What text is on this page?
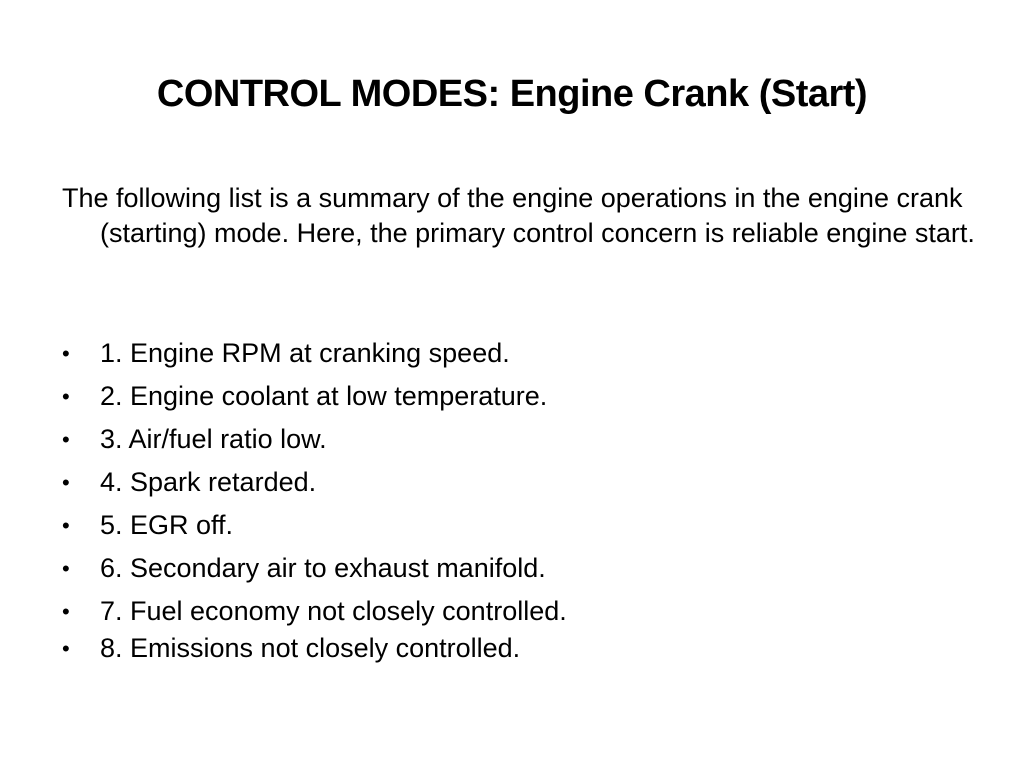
CONTROL MODES: Engine Crank (Start)

The following list is a summary of the engine operations in the engine crank (starting) mode. Here, the primary control concern is reliable engine start.

•	1. Engine RPM at cranking speed.
•	2. Engine coolant at low temperature.
•	3. Air/fuel ratio low.
•	4. Spark retarded.
•	5. EGR off.
•	6. Secondary air to exhaust manifold.
•	7. Fuel economy not closely controlled.
•	8. Emissions not closely controlled.
